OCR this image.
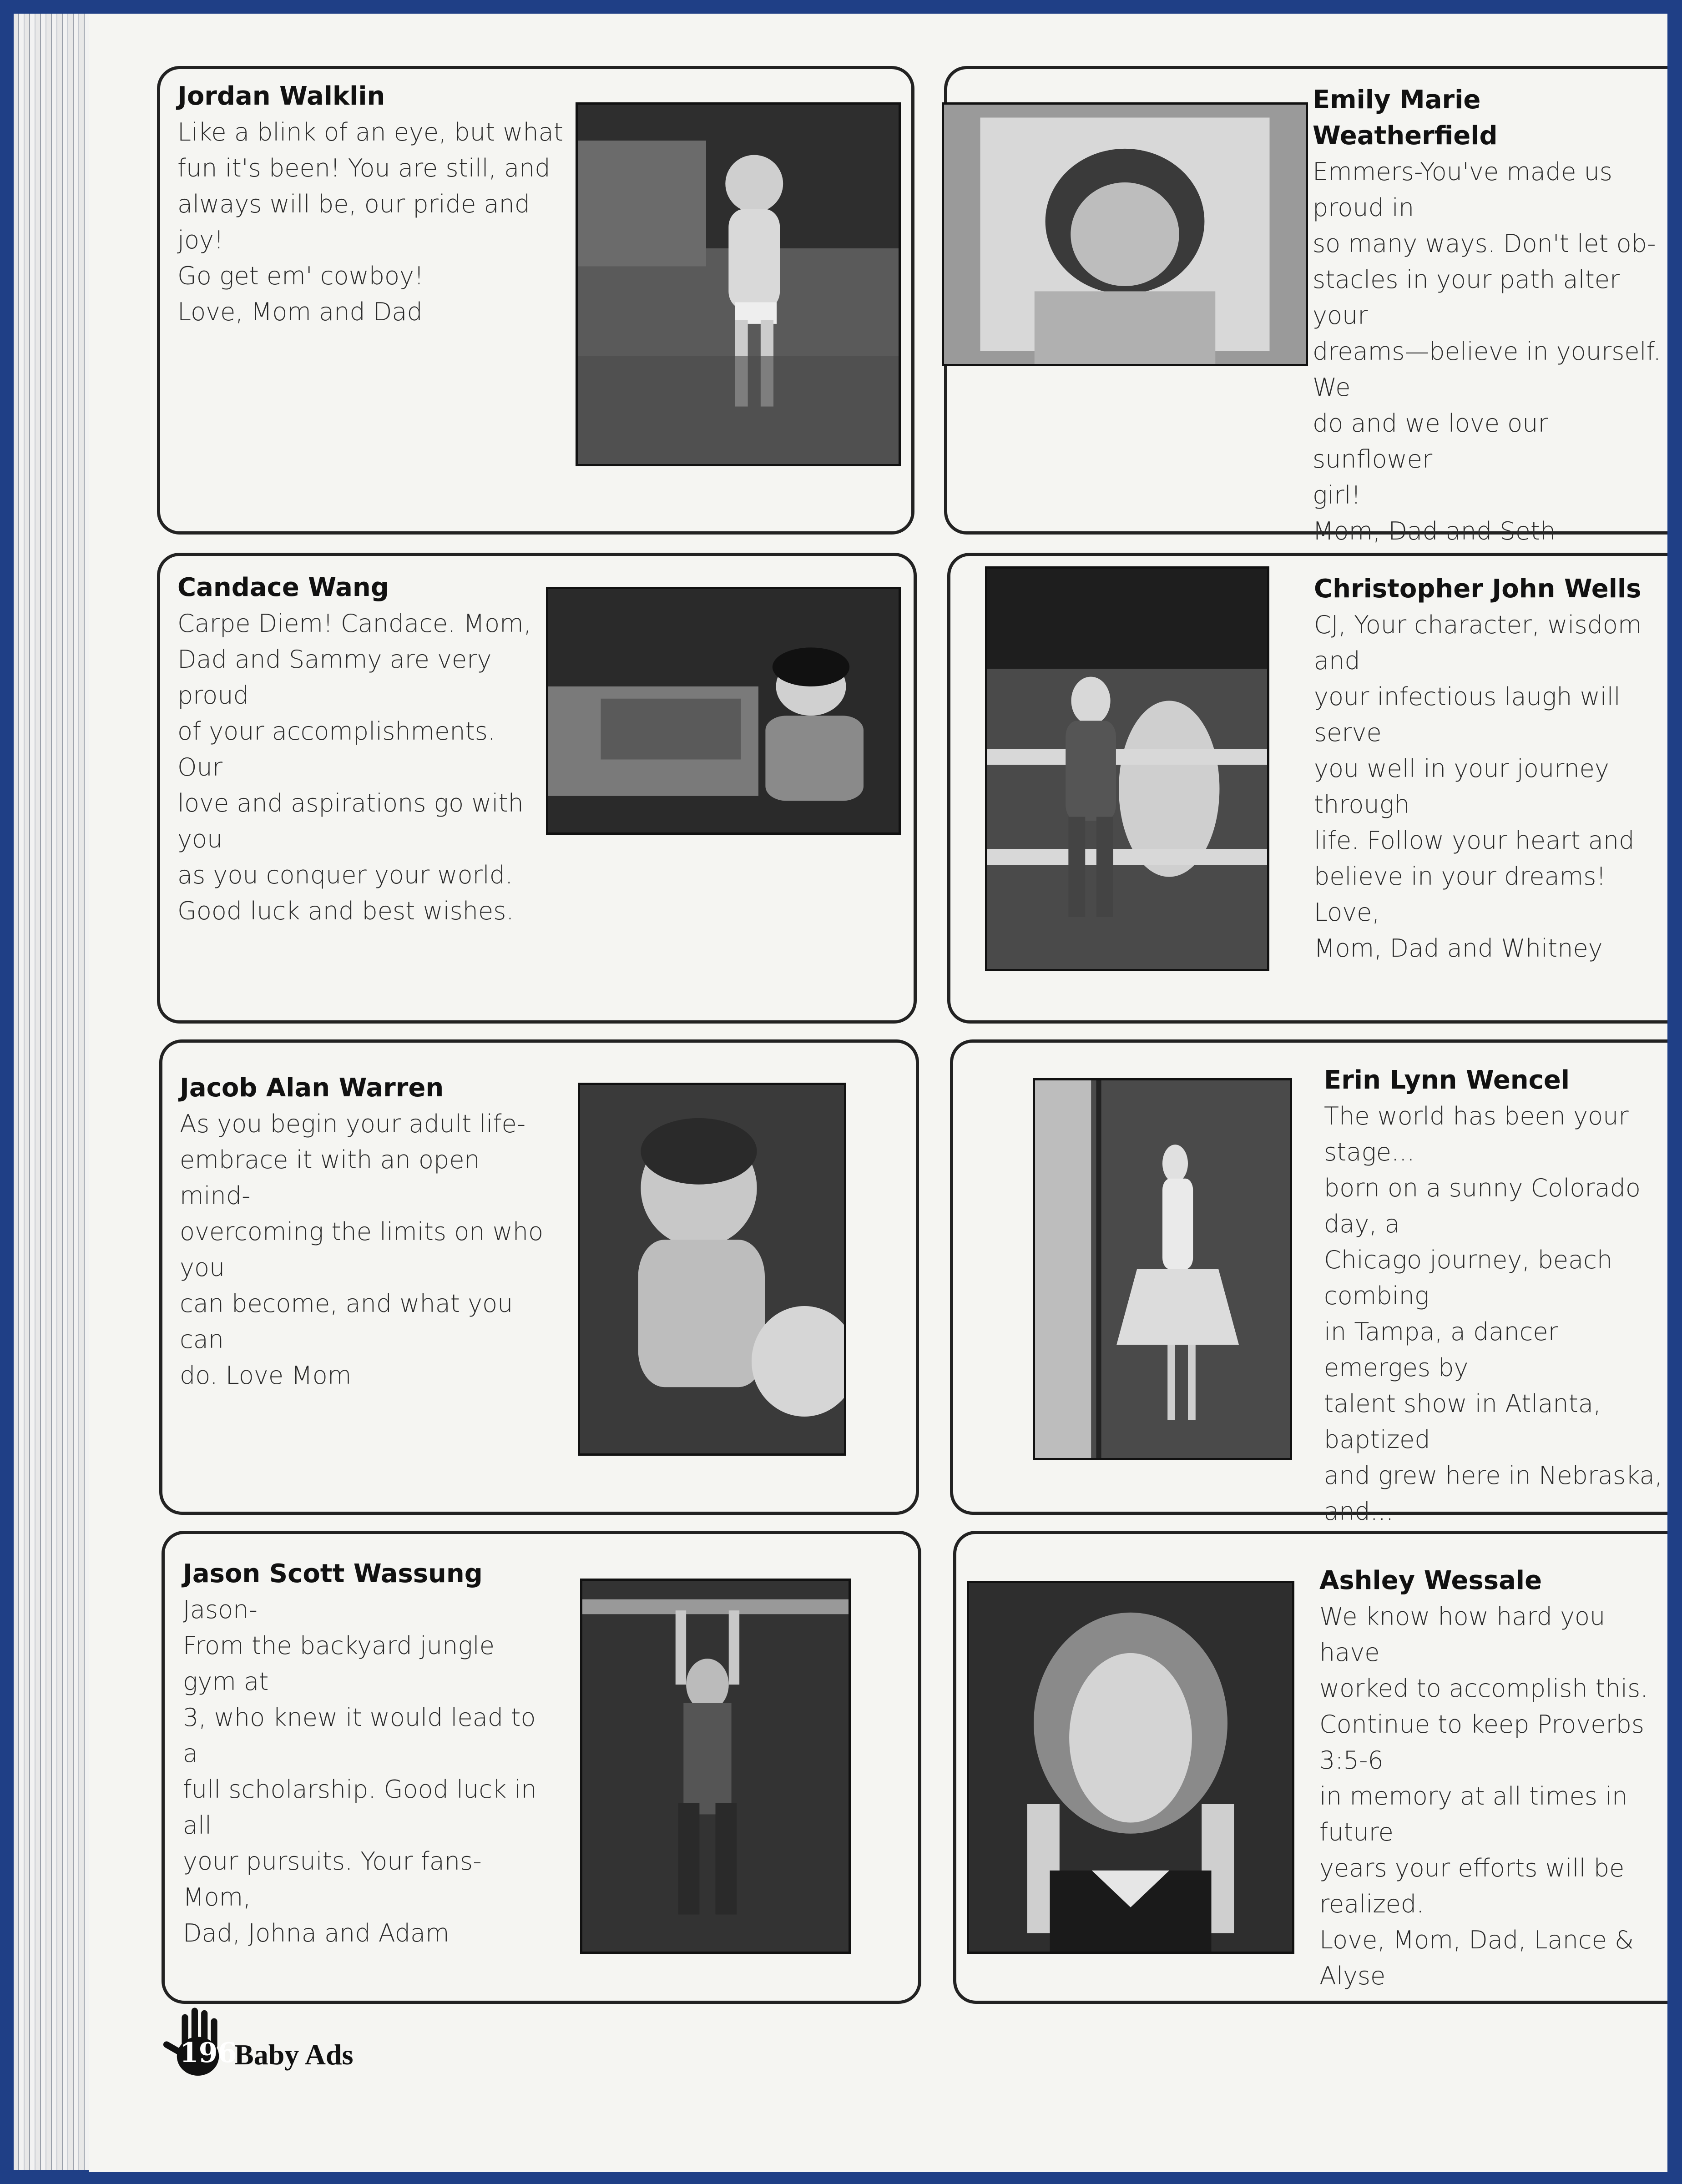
Jordan Walklin
Like a blink of an eye, but what
fun it's been! You are still, and
always will be, our pride and joy!
Go get em' cowboy!
Love, Mom and Dad
Emily Marie Weatherfield
Emmers-You've made us proud in
so many ways. Don't let ob-
stacles in your path alter your
dreams—believe in yourself. We
do and we love our sunflower
girl!
Mom, Dad and Seth
Candace Wang
Carpe Diem! Candace. Mom,
Dad and Sammy are very proud
of your accomplishments. Our
love and aspirations go with you
as you conquer your world.
Good luck and best wishes.
Christopher John Wells
CJ, Your character, wisdom and
your infectious laugh will serve
you well in your journey through
life. Follow your heart and
believe in your dreams! Love,
Mom, Dad and Whitney
Jacob Alan Warren
As you begin your adult life-
embrace it with an open mind-
overcoming the limits on who you
can become, and what you can
do. Love Mom
Erin Lynn Wencel
The world has been your stage...
born on a sunny Colorado day, a
Chicago journey, beach combing
in Tampa, a dancer emerges by
talent show in Atlanta, baptized
and grew here in Nebraska, and...

Jason Scott Wassung
Jason-
From the backyard jungle gym at
3, who knew it would lead to a
full scholarship. Good luck in all
your pursuits. Your fans-Mom,
Dad, Johna and Adam
Ashley Wessale
We know how hard you have
worked to accomplish this.
Continue to keep Proverbs 3:5-6
in memory at all times in future
years your efforts will be realized.
Love, Mom, Dad, Lance & Alyse
196
Baby Ads
